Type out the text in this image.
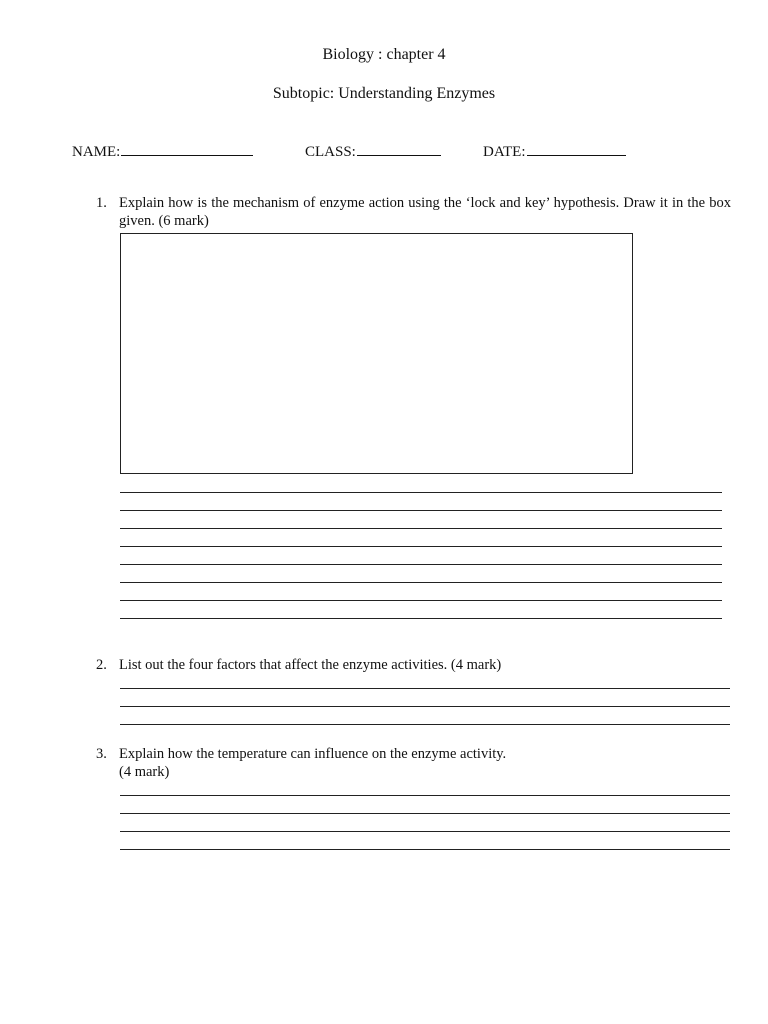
Biology : chapter 4
Subtopic: Understanding Enzymes
NAME:	CLASS:	DATE:
1. Explain how is the mechanism of enzyme action using the ‘lock and key’ hypothesis. Draw it in the box given. (6 mark)
2. List out the four factors that affect the enzyme activities. (4 mark)
3. Explain how the temperature can influence on the enzyme activity.
(4 mark)
